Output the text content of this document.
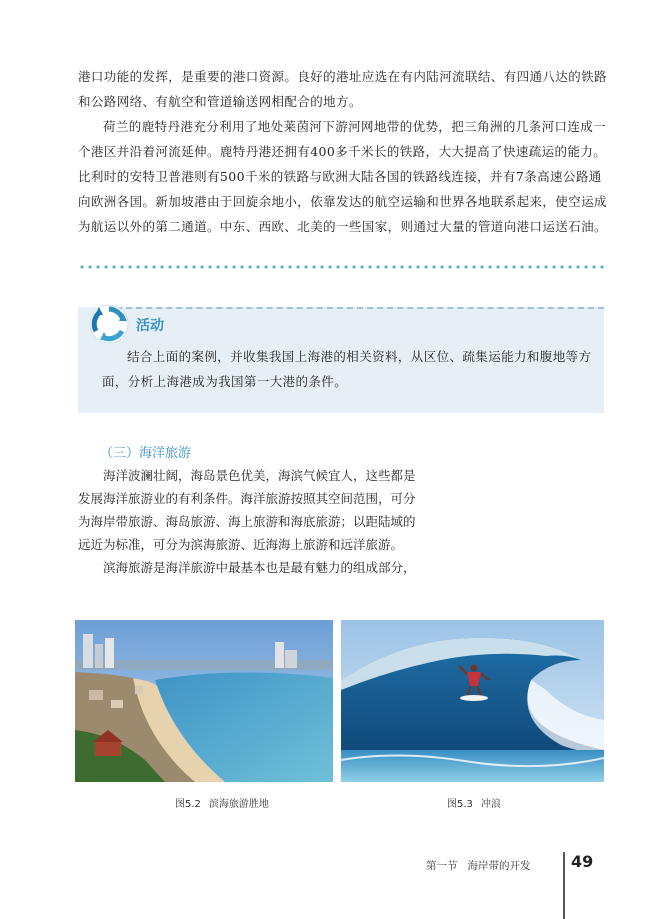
港口功能的发挥，是重要的港口资源。良好的港址应选在有内陆河流联结、有四通八达的铁路和公路网络、有航空和管道输送网相配合的地方。

荷兰的鹿特丹港充分利用了地处莱茵河下游河网地带的优势，把三角洲的几条河口连成一个港区并沿着河流延伸。鹿特丹港还拥有400多千米长的铁路，大大提高了快速疏运的能力。比利时的安特卫普港则有500千米的铁路与欧洲大陆各国的铁路线连接，并有7条高速公路通向欧洲各国。新加坡港由于回旋余地小，依靠发达的航空运输和世界各地联系起来，使空运成为航运以外的第二通道。中东、西欧、北美的一些国家，则通过大量的管道向港口运送石油。

活动
结合上面的案例，并收集我国上海港的相关资料，从区位、疏集运能力和腹地等方面，分析上海港成为我国第一大港的条件。
（三）海洋旅游

海洋波澜壮阔，海岛景色优美，海滨气候宜人，这些都是发展海洋旅游业的有利条件。海洋旅游按照其空间范围，可分为海岸带旅游、海岛旅游、海上旅游和海底旅游；以距陆域的远近为标准，可分为滨海旅游、近海海上旅游和远洋旅游。

滨海旅游是海洋旅游中最基本也是最有魅力的组成部分，

图5.2 滨海旅游胜地	图5.3 冲浪
第一节 海岸带的开发	49
